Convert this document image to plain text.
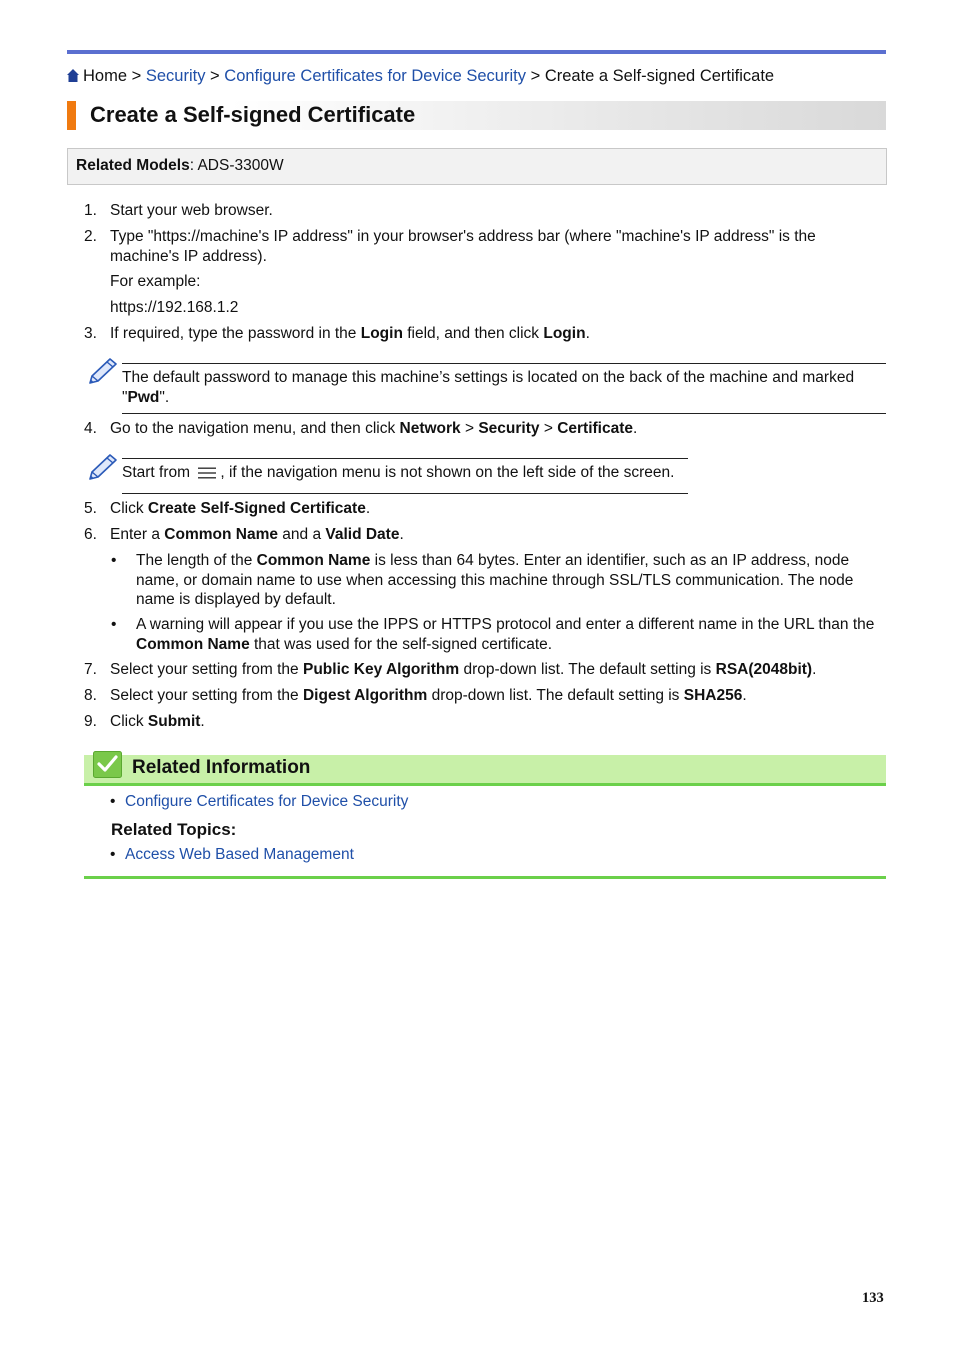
Home > Security > Configure Certificates for Device Security > Create a Self-signed Certificate
Create a Self-signed Certificate
Related Models: ADS-3300W
1. Start your web browser.
2. Type "https://machine's IP address" in your browser's address bar (where "machine's IP address" is the machine's IP address).
For example:
https://192.168.1.2
3. If required, type the password in the Login field, and then click Login.
The default password to manage this machine’s settings is located on the back of the machine and marked "Pwd".
4. Go to the navigation menu, and then click Network > Security > Certificate.
Start from , if the navigation menu is not shown on the left side of the screen.
5. Click Create Self-Signed Certificate.
6. Enter a Common Name and a Valid Date.
• The length of the Common Name is less than 64 bytes. Enter an identifier, such as an IP address, node name, or domain name to use when accessing this machine through SSL/TLS communication. The node name is displayed by default.
• A warning will appear if you use the IPPS or HTTPS protocol and enter a different name in the URL than the Common Name that was used for the self-signed certificate.
7. Select your setting from the Public Key Algorithm drop-down list. The default setting is RSA(2048bit).
8. Select your setting from the Digest Algorithm drop-down list. The default setting is SHA256.
9. Click Submit.
Related Information
• Configure Certificates for Device Security
Related Topics:
• Access Web Based Management
133
